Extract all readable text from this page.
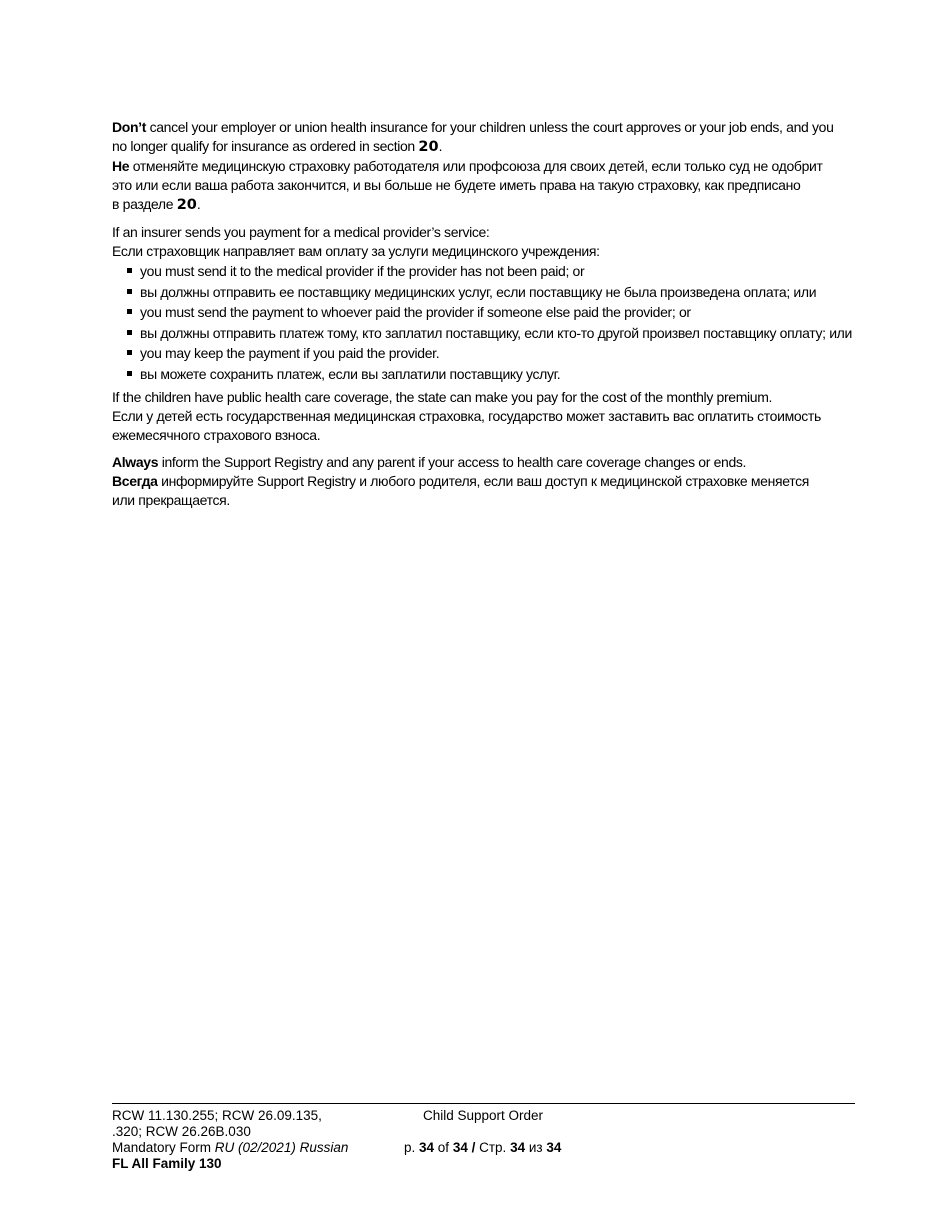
Don’t cancel your employer or union health insurance for your children unless the court approves or your job ends, and you
no longer qualify for insurance as ordered in section 20.
Не отменяйте медицинскую страховку работодателя или профсоюза для своих детей, если только суд не одобрит
это или если ваша работа закончится, и вы больше не будете иметь права на такую страховку, как предписано
в разделе 20.
If an insurer sends you payment for a medical provider’s service:
Если страховщик направляет вам оплату за услуги медицинского учреждения:
you must send it to the medical provider if the provider has not been paid; or
вы должны отправить ее поставщику медицинских услуг, если поставщику не была произведена оплата; или
you must send the payment to whoever paid the provider if someone else paid the provider; or
вы должны отправить платеж тому, кто заплатил поставщику, если кто-то другой произвел поставщику оплату; или
you may keep the payment if you paid the provider.
вы можете сохранить платеж, если вы заплатили поставщику услуг.
If the children have public health care coverage, the state can make you pay for the cost of the monthly premium.
Если у детей есть государственная медицинская страховка, государство может заставить вас оплатить стоимость
ежемесячного страхового взноса.
Always inform the Support Registry and any parent if your access to health care coverage changes or ends.
Всегда информируйте Support Registry и любого родителя, если ваш доступ к медицинской страховке меняется
или прекращается.
RCW 11.130.255; RCW 26.09.135,
.320; RCW 26.26B.030
Mandatory Form RU (02/2021) Russian
FL All Family 130
Child Support Order
p. 34 of 34 / Стр. 34 из 34
